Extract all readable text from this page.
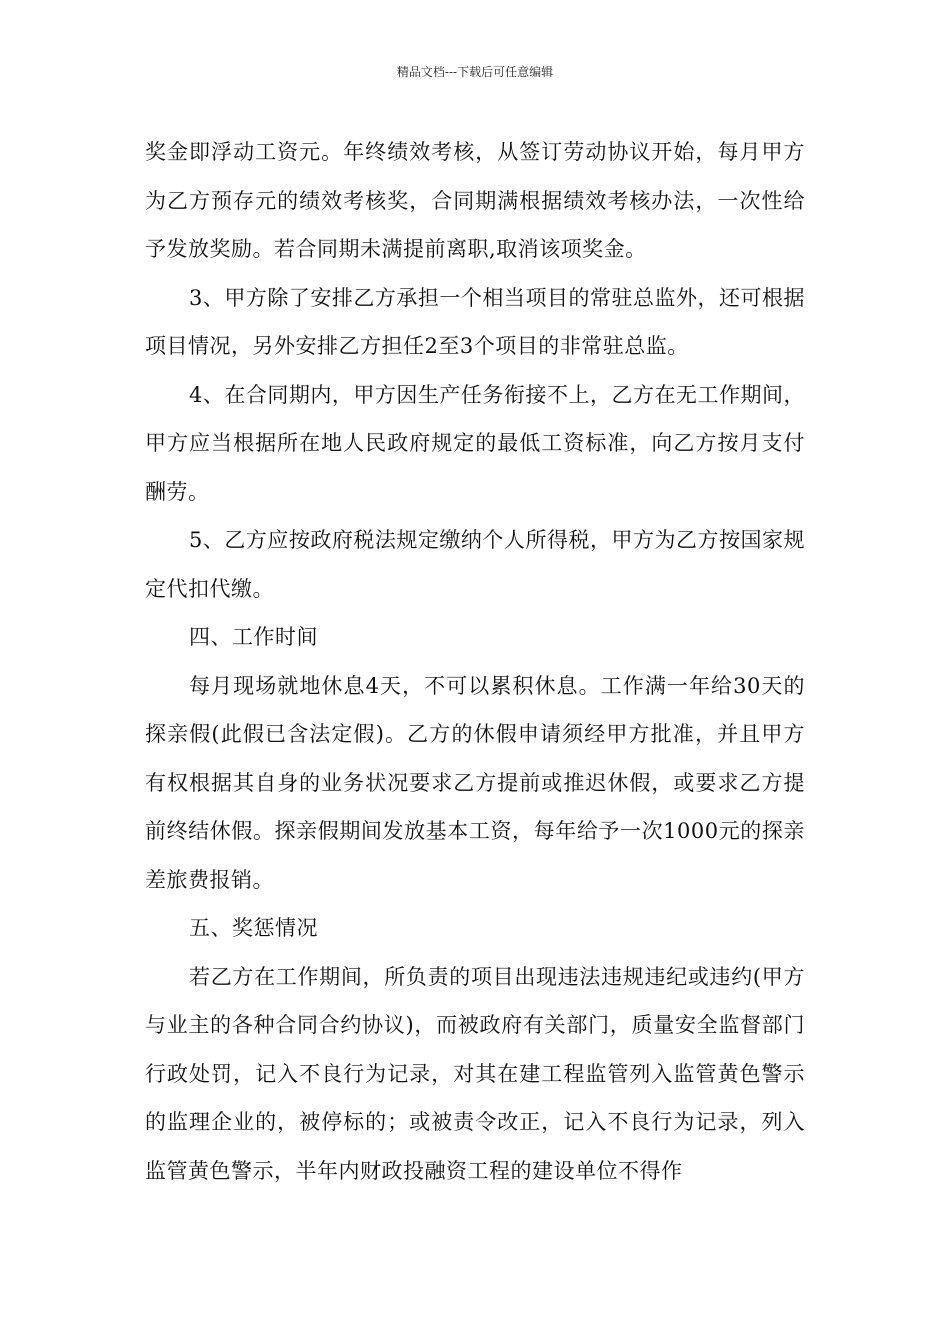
精品文档---下载后可任意编辑

奖金即浮动工资元。年终绩效考核，从签订劳动协议开始，每月甲方为乙方预存元的绩效考核奖，合同期满根据绩效考核办法，一次性给予发放奖励。若合同期未满提前离职,取消该项奖金。

3、甲方除了安排乙方承担一个相当项目的常驻总监外，还可根据项目情况，另外安排乙方担任2至3个项目的非常驻总监。

4、在合同期内，甲方因生产任务衔接不上，乙方在无工作期间，甲方应当根据所在地人民政府规定的最低工资标准，向乙方按月支付酬劳。

5、乙方应按政府税法规定缴纳个人所得税，甲方为乙方按国家规定代扣代缴。

四、工作时间

每月现场就地休息4天，不可以累积休息。工作满一年给30天的探亲假(此假已含法定假)。乙方的休假申请须经甲方批准，并且甲方有权根据其自身的业务状况要求乙方提前或推迟休假，或要求乙方提前终结休假。探亲假期间发放基本工资，每年给予一次1000元的探亲差旅费报销。

五、奖惩情况

若乙方在工作期间，所负责的项目出现违法违规违纪或违约(甲方与业主的各种合同合约协议)，而被政府有关部门，质量安全监督部门行政处罚，记入不良行为记录，对其在建工程监管列入监管黄色警示的监理企业的，被停标的；或被责令改正，记入不良行为记录，列入监管黄色警示，半年内财政投融资工程的建设单位不得作
